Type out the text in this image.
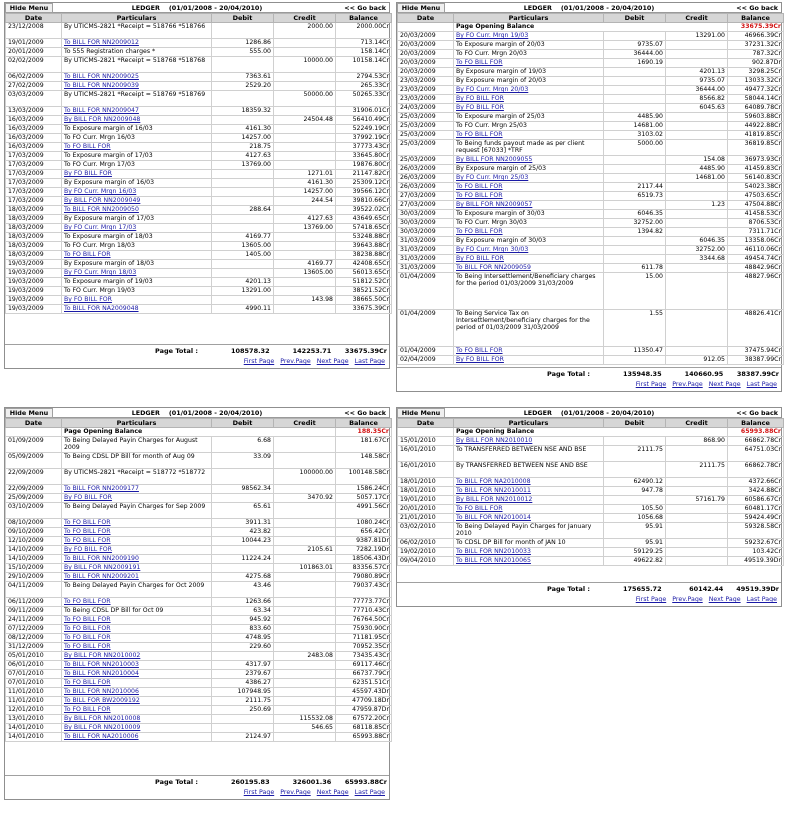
Hide Menu	LEDGER    (01/01/2008 - 20/04/2010)	<< Go back
Date	Particulars	Debit	Credit	Balance
23/12/2008	By UTICMS-2821 *Receipt = 518766 *518766		2000.00	2000.00Cr
19/01/2009	To BILL FOR NN2009012	1286.86		713.14Cr
20/01/2009	To 555 Registration charges *	555.00		158.14Cr
02/02/2009	By UTICMS-2821 *Receipt = 518768 *518768		10000.00	10158.14Cr
06/02/2009	To BILL FOR NN2009025	7363.61		2794.53Cr
27/02/2009	To BILL FOR NN2009039	2529.20		265.33Cr
03/03/2009	By UTICMS-2821 *Receipt = 518769 *518769		50000.00	50265.33Cr
13/03/2009	To BILL FOR NN2009047	18359.32		31906.01Cr
16/03/2009	By BILL FOR NN2009048		24504.48	56410.49Cr
16/03/2009	To Exposure margin of 16/03	4161.30		52249.19Cr
16/03/2009	To FO Curr. Mrgn 16/03	14257.00		37992.19Cr
16/03/2009	To FO BILL FOR	218.75		37773.43Cr
17/03/2009	To Exposure margin of 17/03	4127.63		33645.80Cr
17/03/2009	To FO Curr. Mrgn 17/03	13769.00		19876.80Cr
17/03/2009	By FO BILL FOR		1271.01	21147.82Cr
17/03/2009	By Exposure margin of 16/03		4161.30	25309.12Cr
17/03/2009	By FO Curr. Mrgn 16/03		14257.00	39566.12Cr
17/03/2009	By BILL FOR NN2009049		244.54	39810.66Cr
18/03/2009	To BILL FOR NN2009050	288.64		39522.02Cr
18/03/2009	By Exposure margin of 17/03		4127.63	43649.65Cr
18/03/2009	By FO Curr. Mrgn 17/03		13769.00	57418.65Cr
18/03/2009	To Exposure margin of 18/03	4169.77		53248.88Cr
18/03/2009	To FO Curr. Mrgn 18/03	13605.00		39643.88Cr
18/03/2009	To FO BILL FOR	1405.00		38238.88Cr
19/03/2009	By Exposure margin of 18/03		4169.77	42408.65Cr
19/03/2009	By FO Curr. Mrgn 18/03		13605.00	56013.65Cr
19/03/2009	To Exposure margin of 19/03	4201.13		51812.52Cr
19/03/2009	To FO Curr. Mrgn 19/03	13291.00		38521.52Cr
19/03/2009	By FO BILL FOR		143.98	38665.50Cr
19/03/2009	To BILL FOR NA2009048	4990.11		33675.39Cr
Page Total :	108578.32	142253.71	33675.39Cr
First Page Prev.Page Next Page Last Page
Hide Menu	LEDGER    (01/01/2008 - 20/04/2010)	<< Go back
Date	Particulars	Debit	Credit	Balance
	Page Opening Balance			33675.39Cr
20/03/2009	By FO Curr. Mrgn 19/03		13291.00	46966.39Cr
20/03/2009	To Exposure margin of 20/03	9735.07		37231.32Cr
20/03/2009	To FO Curr. Mrgn 20/03	36444.00		787.32Cr
20/03/2009	To FO BILL FOR	1690.19		902.87Dr
20/03/2009	By Exposure margin of 19/03		4201.13	3298.25Cr
23/03/2009	By Exposure margin of 20/03		9735.07	13033.32Cr
23/03/2009	By FO Curr. Mrgn 20/03		36444.00	49477.32Cr
23/03/2009	By FO BILL FOR		8566.82	58044.14Cr
24/03/2009	By FO BILL FOR		6045.63	64089.78Cr
25/03/2009	To Exposure margin of 25/03	4485.90		59603.88Cr
25/03/2009	To FO Curr. Mrgn 25/03	14681.00		44922.88Cr
25/03/2009	To FO BILL FOR	3103.02		41819.85Cr
25/03/2009	To Being funds payout made as per client request [67033] *TRF	5000.00		36819.85Cr
25/03/2009	By BILL FOR NN2009055		154.08	36973.93Cr
26/03/2009	By Exposure margin of 25/03		4485.90	41459.83Cr
26/03/2009	By FO Curr. Mrgn 25/03		14681.00	56140.83Cr
26/03/2009	To FO BILL FOR	2117.44		54023.38Cr
27/03/2009	To FO BILL FOR	6519.73		47503.65Cr
27/03/2009	By BILL FOR NN2009057		1.23	47504.88Cr
30/03/2009	To Exposure margin of 30/03	6046.35		41458.53Cr
30/03/2009	To FO Curr. Mrgn 30/03	32752.00		8706.53Cr
30/03/2009	To FO BILL FOR	1394.82		7311.71Cr
31/03/2009	By Exposure margin of 30/03		6046.35	13358.06Cr
31/03/2009	By FO Curr. Mrgn 30/03		32752.00	46110.06Cr
31/03/2009	By FO BILL FOR		3344.68	49454.74Cr
31/03/2009	To BILL FOR NN2009059	611.78		48842.96Cr
01/04/2009	To Being Intersettlement/Beneficiary charges for the period 01/03/2009 31/03/2009	15.00		48827.96Cr
01/04/2009	To Being Service Tax on Intersettlement/beneficiary charges for the period of 01/03/2009 31/03/2009	1.55		48826.41Cr
01/04/2009	To FO BILL FOR	11350.47		37475.94Cr
02/04/2009	By FO BILL FOR		912.05	38387.99Cr
Page Total :	135948.35	140660.95	38387.99Cr
First Page Prev.Page Next Page Last Page
Hide Menu	LEDGER    (01/01/2008 - 20/04/2010)	<< Go back
Date	Particulars	Debit	Credit	Balance
	Page Opening Balance			188.35Cr
01/09/2009	To Being Delayed Payin Charges for August 2009	6.68		181.67Cr
05/09/2009	To Being CDSL DP Bill for month of Aug 09	33.09		148.58Cr
22/09/2009	By UTICMS-2821 *Receipt = 518772 *518772		100000.00	100148.58Cr
22/09/2009	To BILL FOR NN2009177	98562.34		1586.24Cr
25/09/2009	By FO BILL FOR		3470.92	5057.17Cr
03/10/2009	To Being Delayed Payin Charges for Sep 2009	65.61		4991.56Cr
08/10/2009	To FO BILL FOR	3911.31		1080.24Cr
09/10/2009	To FO BILL FOR	423.82		656.42Cr
12/10/2009	To FO BILL FOR	10044.23		9387.81Dr
14/10/2009	By FO BILL FOR		2105.61	7282.19Dr
14/10/2009	To BILL FOR NN2009190	11224.24		18506.43Dr
15/10/2009	By BILL FOR NN2009191		101863.01	83356.57Cr
29/10/2009	To BILL FOR NN2009201	4275.68		79080.89Cr
04/11/2009	To Being Delayed Payin Charges for Oct 2009	43.46		79037.43Cr
06/11/2009	To FO BILL FOR	1263.66		77773.77Cr
09/11/2009	To Being CDSL DP Bill for Oct 09	63.34		77710.43Cr
24/11/2009	To FO BILL FOR	945.92		76764.50Cr
07/12/2009	To FO BILL FOR	833.60		75930.90Cr
08/12/2009	To FO BILL FOR	4748.95		71181.95Cr
31/12/2009	To FO BILL FOR	229.60		70952.35Cr
05/01/2010	By BILL FOR NN2010002		2483.08	73435.43Cr
06/01/2010	To BILL FOR NN2010003	4317.97		69117.46Cr
07/01/2010	To BILL FOR NN2010004	2379.67		66737.79Cr
07/01/2010	To FO BILL FOR	4386.27		62351.51Cr
11/01/2010	To BILL FOR NN2010006	107948.95		45597.43Dr
11/01/2010	To BILL FOR BW2009192	2111.75		47709.18Dr
12/01/2010	To FO BILL FOR	250.69		47959.87Dr
13/01/2010	By BILL FOR NN2010008		115532.08	67572.20Cr
14/01/2010	By BILL FOR NN2010009		546.65	68118.85Cr
14/01/2010	To BILL FOR NA2010006	2124.97		65993.88Cr
Page Total :	260195.83	326001.36	65993.88Cr
First Page Prev.Page Next Page Last Page
Hide Menu	LEDGER    (01/01/2008 - 20/04/2010)	<< Go back
Date	Particulars	Debit	Credit	Balance
	Page Opening Balance			65993.88Cr
15/01/2010	By BILL FOR NN2010010		868.90	66862.78Cr
16/01/2010	To TRANSFERRED BETWEEN NSE AND BSE	2111.75		64751.03Cr
16/01/2010	By TRANSFERRED BETWEEN NSE AND BSE		2111.75	66862.78Cr
18/01/2010	To BILL FOR NA2010008	62490.12		4372.66Cr
18/01/2010	To BILL FOR NN2010011	947.78		3424.88Cr
19/01/2010	By BILL FOR NN2010012		57161.79	60586.67Cr
20/01/2010	To FO BILL FOR	105.50		60481.17Cr
21/01/2010	To BILL FOR NN2010014	1056.68		59424.49Cr
03/02/2010	To Being Delayed Payin Charges for January 2010	95.91		59328.58Cr
06/02/2010	To CDSL DP Bill for month of JAN 10	95.91		59232.67Cr
19/02/2010	To BILL FOR NN2010033	59129.25		103.42Cr
09/04/2010	To BILL FOR NN2010065	49622.82		49519.39Dr
Page Total :	175655.72	60142.44	49519.39Dr
First Page Prev.Page Next Page Last Page
